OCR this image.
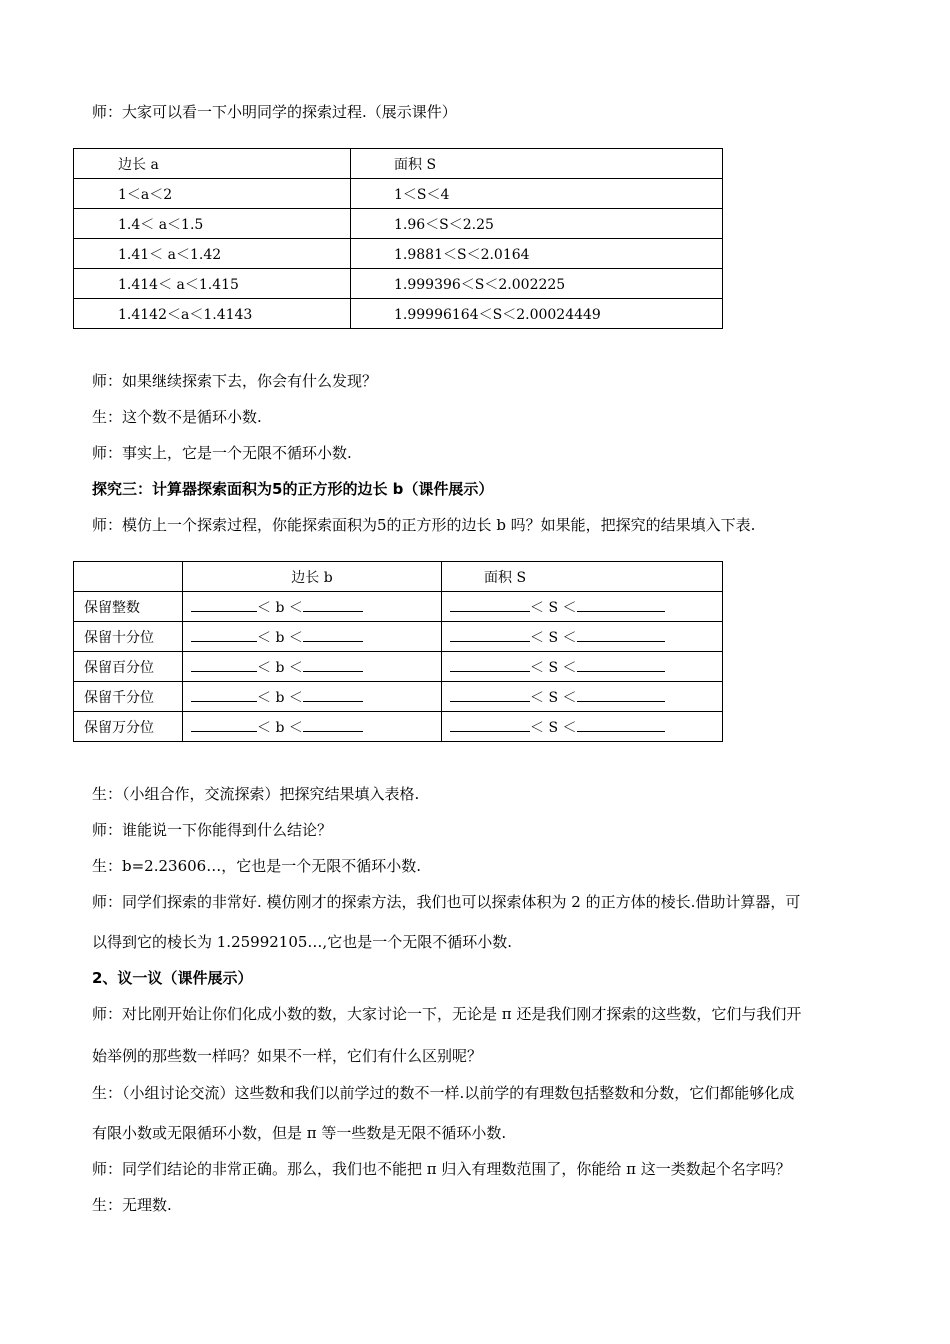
师：大家可以看一下小明同学的探索过程.（展示课件）
边长 a	面积 S
1＜a＜2	1＜S＜4
1.4＜ a＜1.5	1.96＜S＜2.25
1.41＜ a＜1.42	1.9881＜S＜2.0164
1.414＜ a＜1.415	1.999396＜S＜2.002225
1.4142＜a＜1.4143	1.99996164＜S＜2.00024449
师：如果继续探索下去，你会有什么发现？
生：这个数不是循环小数.
师：事实上，它是一个无限不循环小数.
探究三：计算器探索面积为5的正方形的边长 b（课件展示）
师：模仿上一个探索过程，你能探索面积为5的正方形的边长 b 吗？如果能，把探究的结果填入下表.
	边长 b	面积 S
保留整数	＜ b ＜	＜ S ＜
保留十分位	＜ b ＜	＜ S ＜
保留百分位	＜ b ＜	＜ S ＜
保留千分位	＜ b ＜	＜ S ＜
保留万分位	＜ b ＜	＜ S ＜
生：（小组合作，交流探索）把探究结果填入表格.
师：谁能说一下你能得到什么结论？
生：b=2.23606…，它也是一个无限不循环小数.
师：同学们探索的非常好. 模仿刚才的探索方法，我们也可以探索体积为 2 的正方体的棱长.借助计算器，可
以得到它的棱长为 1.25992105…,它也是一个无限不循环小数.
2、议一议（课件展示）
师：对比刚开始让你们化成小数的数，大家讨论一下，无论是 π 还是我们刚才探索的这些数，它们与我们开
始举例的那些数一样吗？如果不一样，它们有什么区别呢？
生：（小组讨论交流）这些数和我们以前学过的数不一样.以前学的有理数包括整数和分数，它们都能够化成
有限小数或无限循环小数，但是 π 等一些数是无限不循环小数.
师：同学们结论的非常正确。那么，我们也不能把 π 归入有理数范围了，你能给 π 这一类数起个名字吗？
生：无理数.
